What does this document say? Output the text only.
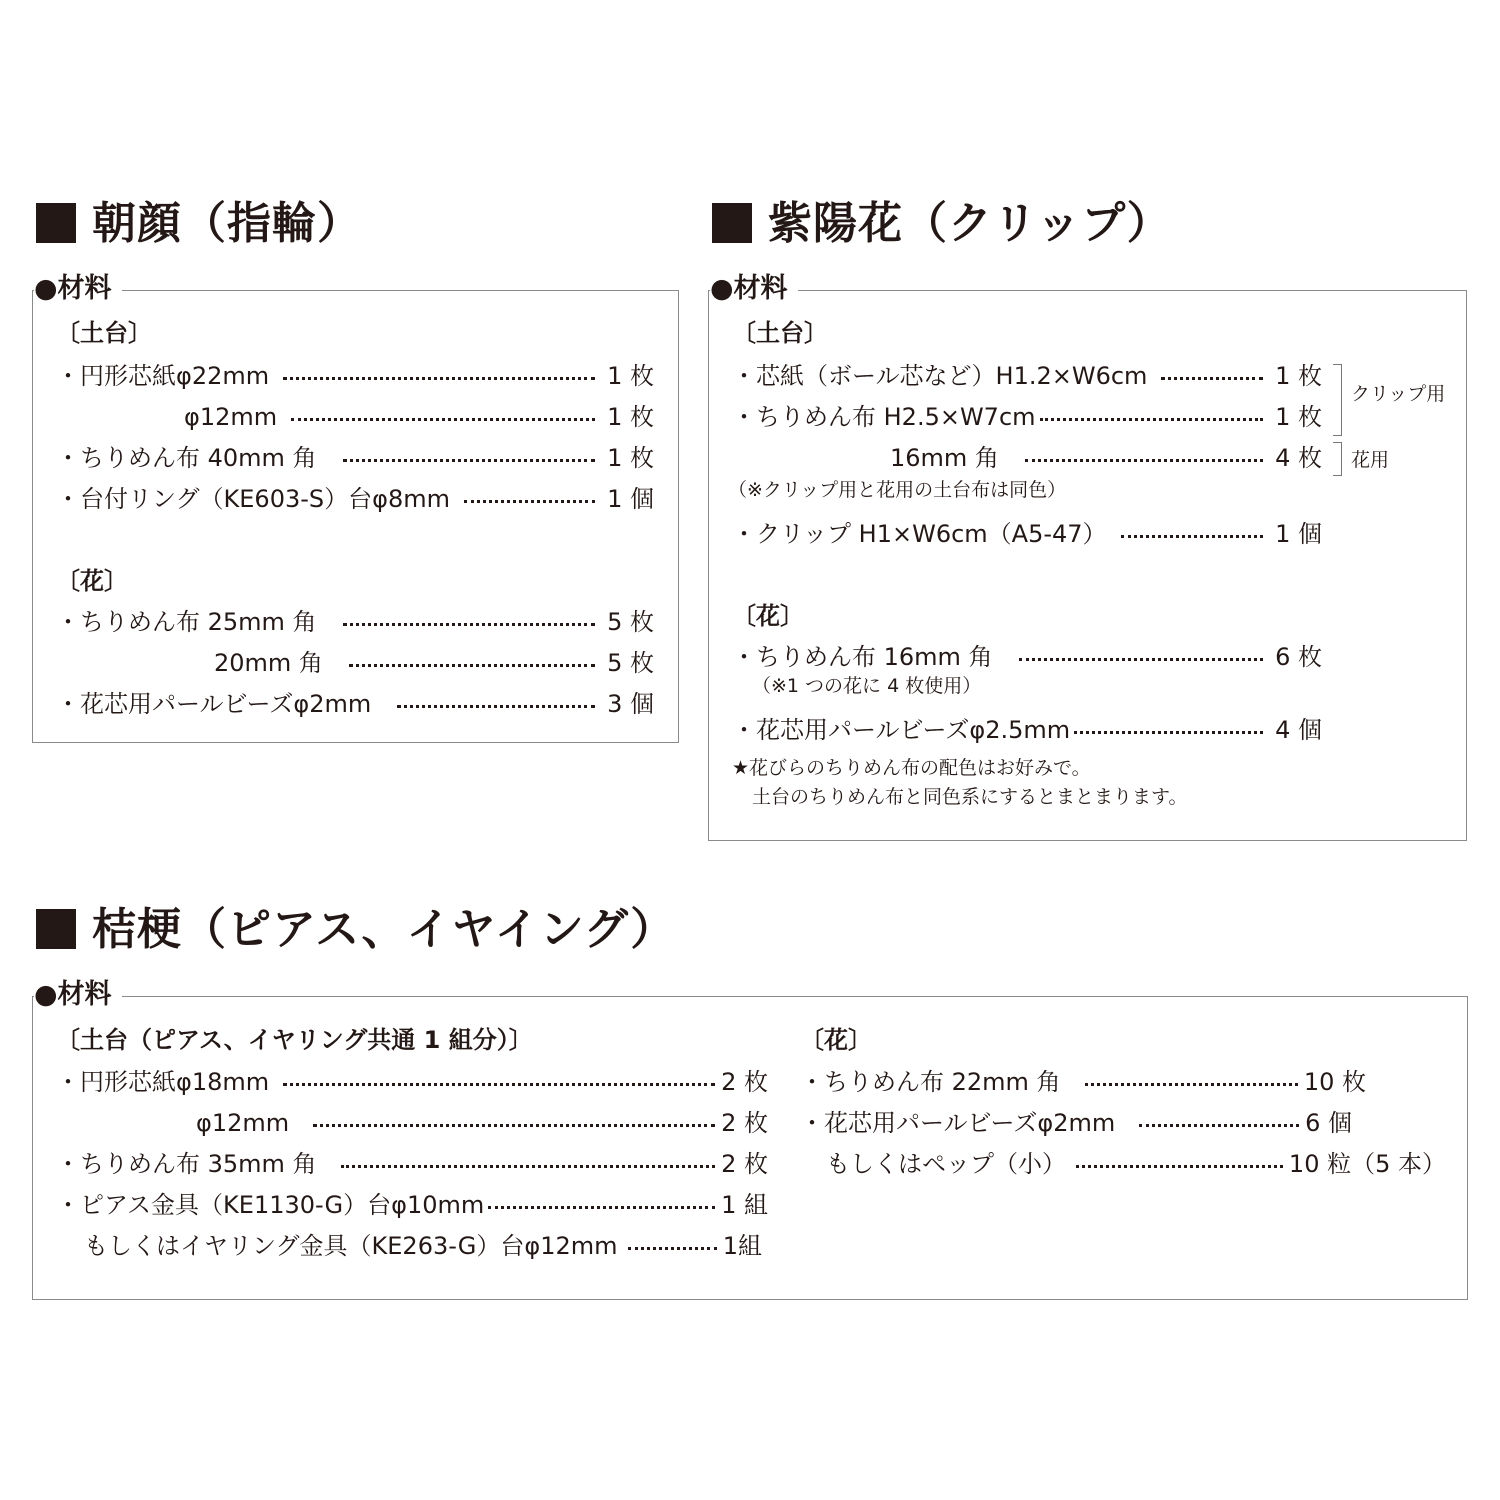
朝顔（指輪）
●材料
〔土台〕
・円形芯紙φ22mm	1 枚
φ12mm	1 枚
・ちりめん布 40mm 角	1 枚
・台付リング（KE603-S）台φ8mm	1 個
〔花〕
・ちりめん布 25mm 角	5 枚
20mm 角	5 枚
・花芯用パールビーズφ2mm	3 個
紫陽花（クリップ）
●材料
〔土台〕
・芯紙（ボール芯など）H1.2×W6cm	1 枚
・ちりめん布 H2.5×W7cm	1 枚
16mm 角	4 枚
クリップ用
花用
（※クリップ用と花用の土台布は同色）
・クリップ H1×W6cm（A5-47）	1 個
〔花〕
・ちりめん布 16mm 角	6 枚
（※1 つの花に 4 枚使用）
・花芯用パールビーズφ2.5mm	4 個
★花びらのちりめん布の配色はお好みで。
土台のちりめん布と同色系にするとまとまります。
桔梗（ピアス、イヤイング）
●材料
〔土台（ピアス、イヤリング共通 1 組分）〕
・円形芯紙φ18mm	2 枚
φ12mm	2 枚
・ちりめん布 35mm 角	2 枚
・ピアス金具（KE1130-G）台φ10mm	1 組
もしくはイヤリング金具（KE263-G）台φ12mm	1組
〔花〕
・ちりめん布 22mm 角	10 枚
・花芯用パールビーズφ2mm	6 個
もしくはペップ（小）	10 粒（5 本）
